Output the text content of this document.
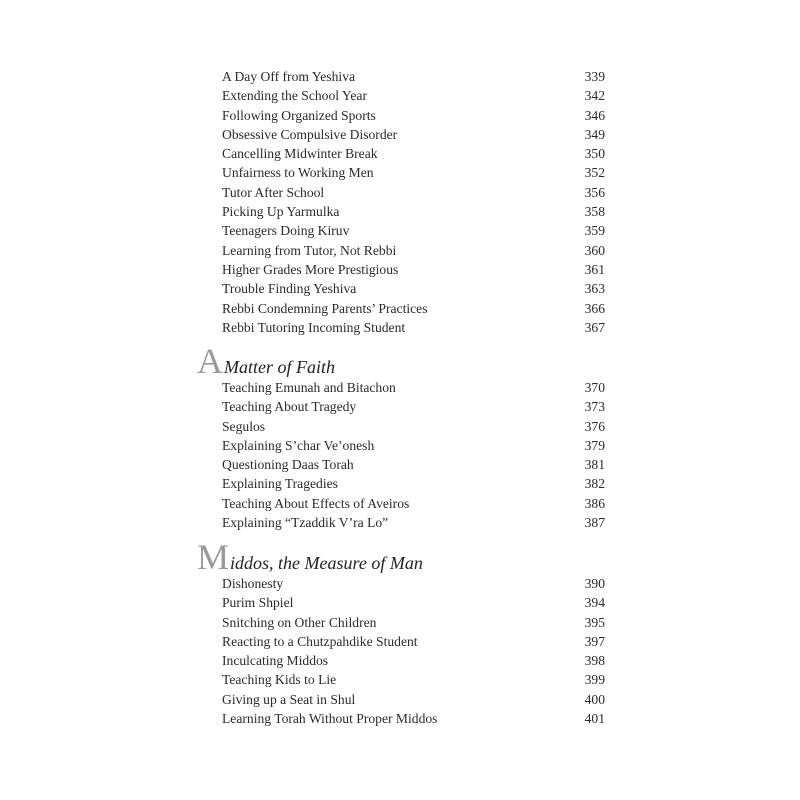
A Day Off from Yeshiva	339
Extending the School Year	342
Following Organized Sports	346
Obsessive Compulsive Disorder	349
Cancelling Midwinter Break	350
Unfairness to Working Men	352
Tutor After School	356
Picking Up Yarmulka	358
Teenagers Doing Kiruv	359
Learning from Tutor, Not Rebbi	360
Higher Grades More Prestigious	361
Trouble Finding Yeshiva	363
Rebbi Condemning Parents’ Practices	366
Rebbi Tutoring Incoming Student	367
AMatter of Faith
Teaching Emunah and Bitachon	370
Teaching About Tragedy	373
Segulos	376
Explaining S’char Ve’onesh	379
Questioning Daas Torah	381
Explaining Tragedies	382
Teaching About Effects of Aveiros	386
Explaining “Tzaddik V’ra Lo”	387
Middos, the Measure of Man
Dishonesty	390
Purim Shpiel	394
Snitching on Other Children	395
Reacting to a Chutzpahdike Student	397
Inculcating Middos	398
Teaching Kids to Lie	399
Giving up a Seat in Shul	400
Learning Torah Without Proper Middos	401
